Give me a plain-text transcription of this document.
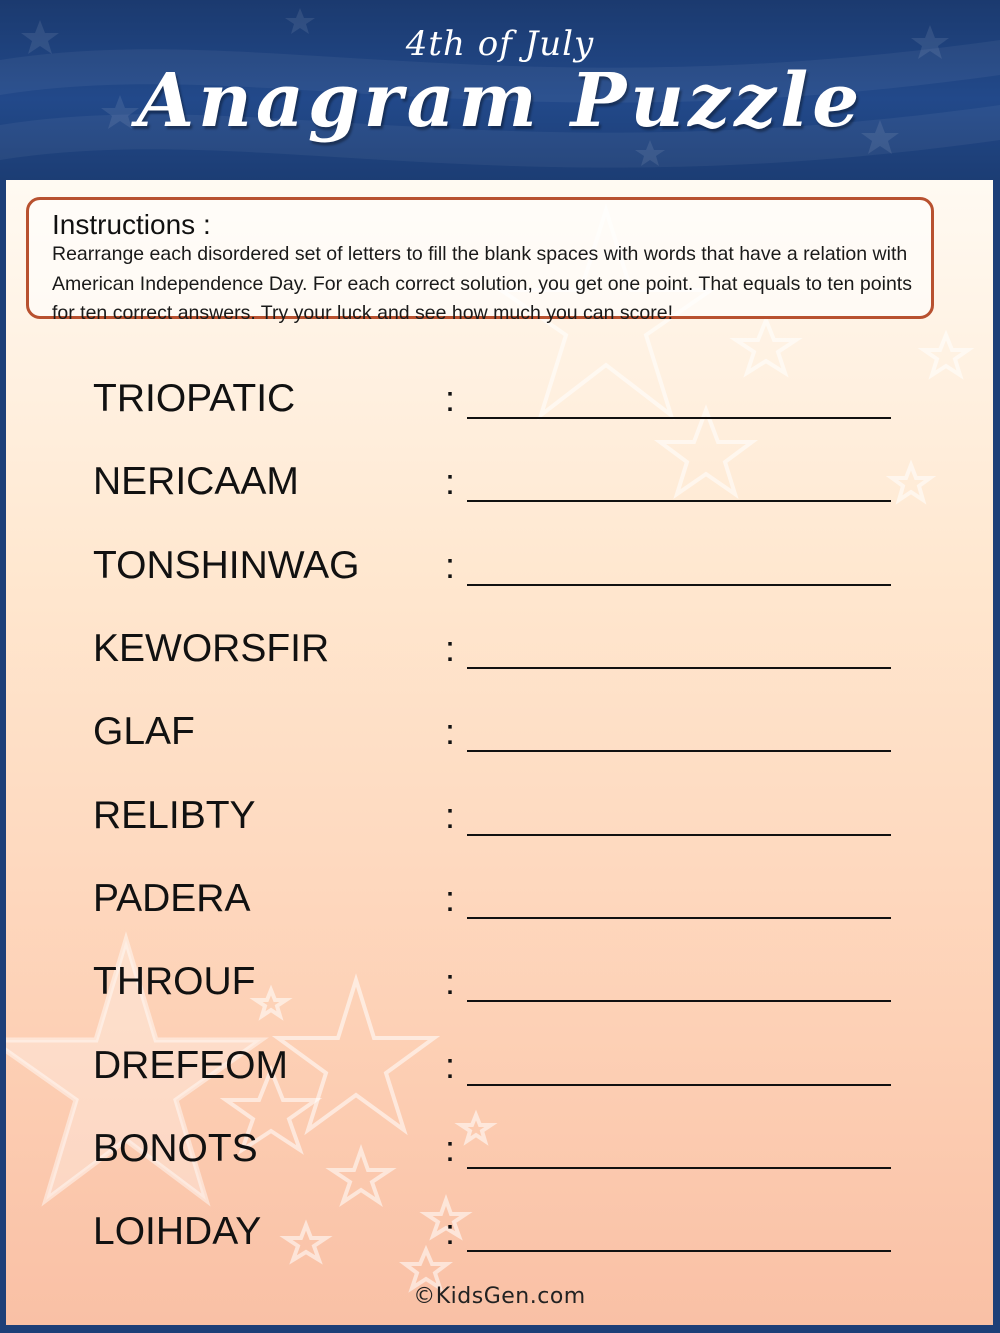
4th of July
Anagram Puzzle
Instructions :
Rearrange each disordered set of letters to fill the blank spaces with words that have a relation with American Independence Day. For each correct solution, you get one point. That equals to ten points for ten correct answers. Try your luck and see how much you can score!
TRIOPATIC	:
NERICAAM	:
TONSHINWAG :
KEWORSFIR	:
GLAF	:
RELIBTY	:
PADERA	:
THROUF	:
DREFEOM	:
BONOTS	:
LOIHDAY	:
©KidsGen.com
